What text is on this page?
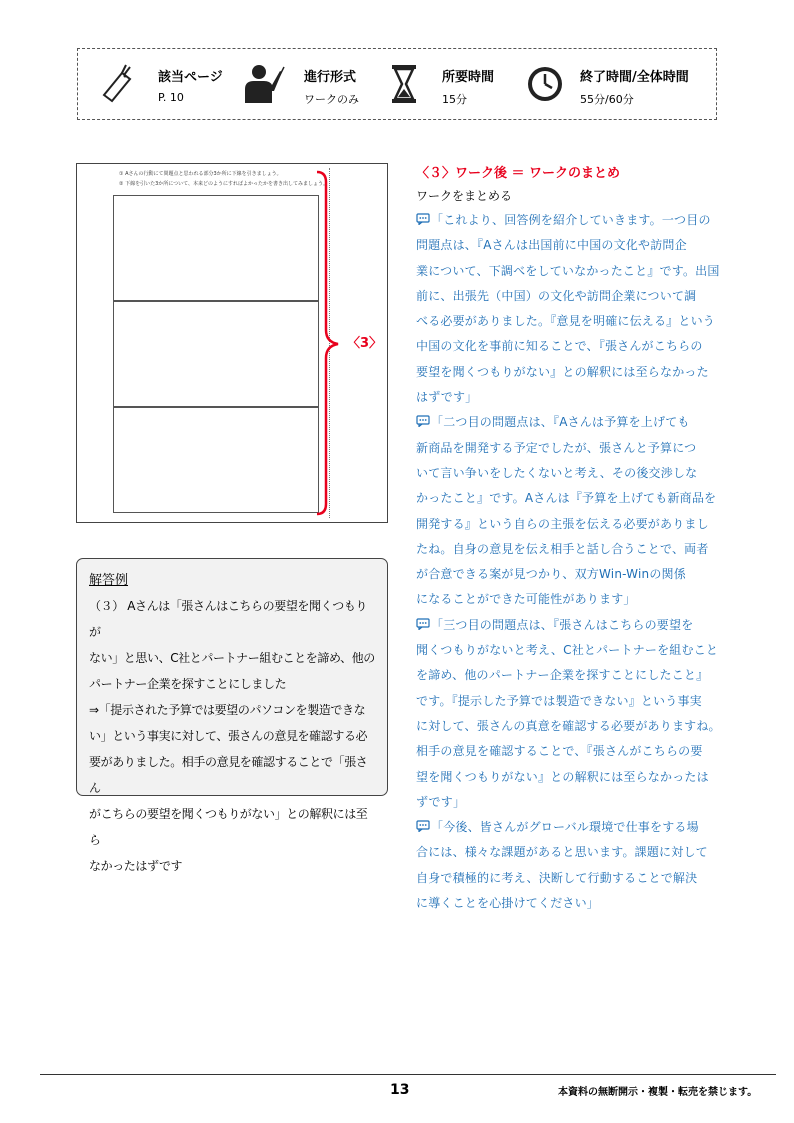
該当ページ
P. 10
進行形式
ワークのみ
所要時間
15分
終了時間/全体時間
55分/60分
① Aさんの行動にて問題点と思われる部分3か所に下線を引きましょう。
② 下線を引いた3か所について、本来どのようにすればよかったかを書き出してみましょう。
〈3〉
解答例

（３） Aさんは「張さんはこちらの要望を聞くつもりが

ない」と思い、C社とパートナー組むことを諦め、他の

パートナー企業を探すことにしました

⇒「提示された予算では要望のパソコンを製造できな

い」という事実に対して、張さんの意見を確認する必

要がありました。相手の意見を確認することで「張さん

がこちらの要望を聞くつもりがない」との解釈には至ら

なかったはずです

〈３〉ワーク後 ＝ ワークのまとめ
ワークをまとめる
「これより、回答例を紹介していきます。一つ目の
問題点は、『Aさんは出国前に中国の文化や訪問企
業について、下調べをしていなかったこと』です。出国
前に、出張先（中国）の文化や訪問企業について調
べる必要がありました。『意見を明確に伝える』という
中国の文化を事前に知ることで、『張さんがこちらの
要望を聞くつもりがない』との解釈には至らなかった
はずです」
「二つ目の問題点は、『Aさんは予算を上げても
新商品を開発する予定でしたが、張さんと予算につ
いて言い争いをしたくないと考え、その後交渉しな
かったこと』です。Aさんは『予算を上げても新商品を
開発する』という自らの主張を伝える必要がありまし
たね。自身の意見を伝え相手と話し合うことで、両者
が合意できる案が見つかり、双方Win-Winの関係
になることができた可能性があります」
「三つ目の問題点は、『張さんはこちらの要望を
聞くつもりがないと考え、C社とパートナーを組むこと
を諦め、他のパートナー企業を探すことにしたこと』
です。『提示した予算では製造できない』という事実
に対して、張さんの真意を確認する必要がありますね。
相手の意見を確認することで、『張さんがこちらの要
望を聞くつもりがない』との解釈には至らなかったは
ずです」
「今後、皆さんがグローバル環境で仕事をする場
合には、様々な課題があると思います。課題に対して
自身で積極的に考え、決断して行動することで解決
に導くことを心掛けてください」
13	本資料の無断開示・複製・転売を禁じます。
